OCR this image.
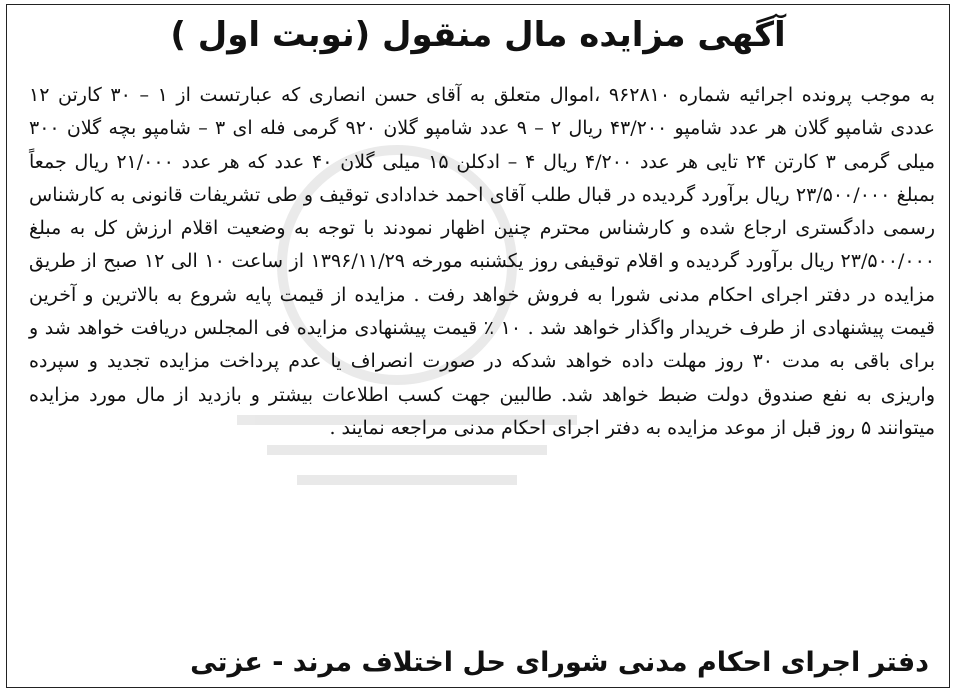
آگهی مزایده مال منقول (نوبت اول )

به موجب پرونده اجرائیه شماره ۹۶۲۸۱۰ ،اموال متعلق به آقای حسن انصاری که عبارتست از ۱ – ۳۰ کارتن ۱۲ عددی شامپو گلان هر عدد شامپو ۴۳/۲۰۰ ریال ۲ – ۹ عدد شامپو گلان ۹۲۰ گرمی فله ای ۳ – شامپو بچه گلان ۳۰۰ میلی گرمی ۳ کارتن ۲۴ تایی هر عدد ۴/۲۰۰ ریال ۴ – ادکلن ۱۵ میلی گلان ۴۰ عدد که هر عدد ۲۱/۰۰۰ ریال جمعاً بمبلغ ۲۳/۵۰۰/۰۰۰ ریال برآورد گردیده در قبال طلب آقای احمد خدادادی توقیف و طی تشریفات قانونی به کارشناس رسمی دادگستری ارجاع شده و کارشناس محترم چنین اظهار نمودند با توجه به وضعیت اقلام ارزش کل به مبلغ ۲۳/۵۰۰/۰۰۰ ریال برآورد گردیده و اقلام توقیفی روز یکشنبه مورخه ۱۳۹۶/۱۱/۲۹ از ساعت ۱۰ الی ۱۲ صبح از طریق مزایده در دفتر اجرای احکام مدنی شورا به فروش خواهد رفت . مزایده از قیمت پایه شروع به بالاترین و آخرین قیمت پیشنهادی از طرف خریدار واگذار خواهد شد . ۱۰ ٪ قیمت پیشنهادی مزایده فی المجلس دریافت خواهد شد و برای باقی به مدت ۳۰ روز مهلت داده خواهد شدکه در صورت انصراف یا عدم پرداخت مزایده تجدید و سپرده واریزی به نفع صندوق دولت ضبط خواهد شد. طالبین جهت کسب اطلاعات بیشتر و بازدید از مال مورد مزایده میتوانند ۵ روز قبل از موعد مزایده به دفتر اجرای احکام مدنی مراجعه نمایند .

دفتر اجرای احکام مدنی شورای حل اختلاف مرند - عزتی
